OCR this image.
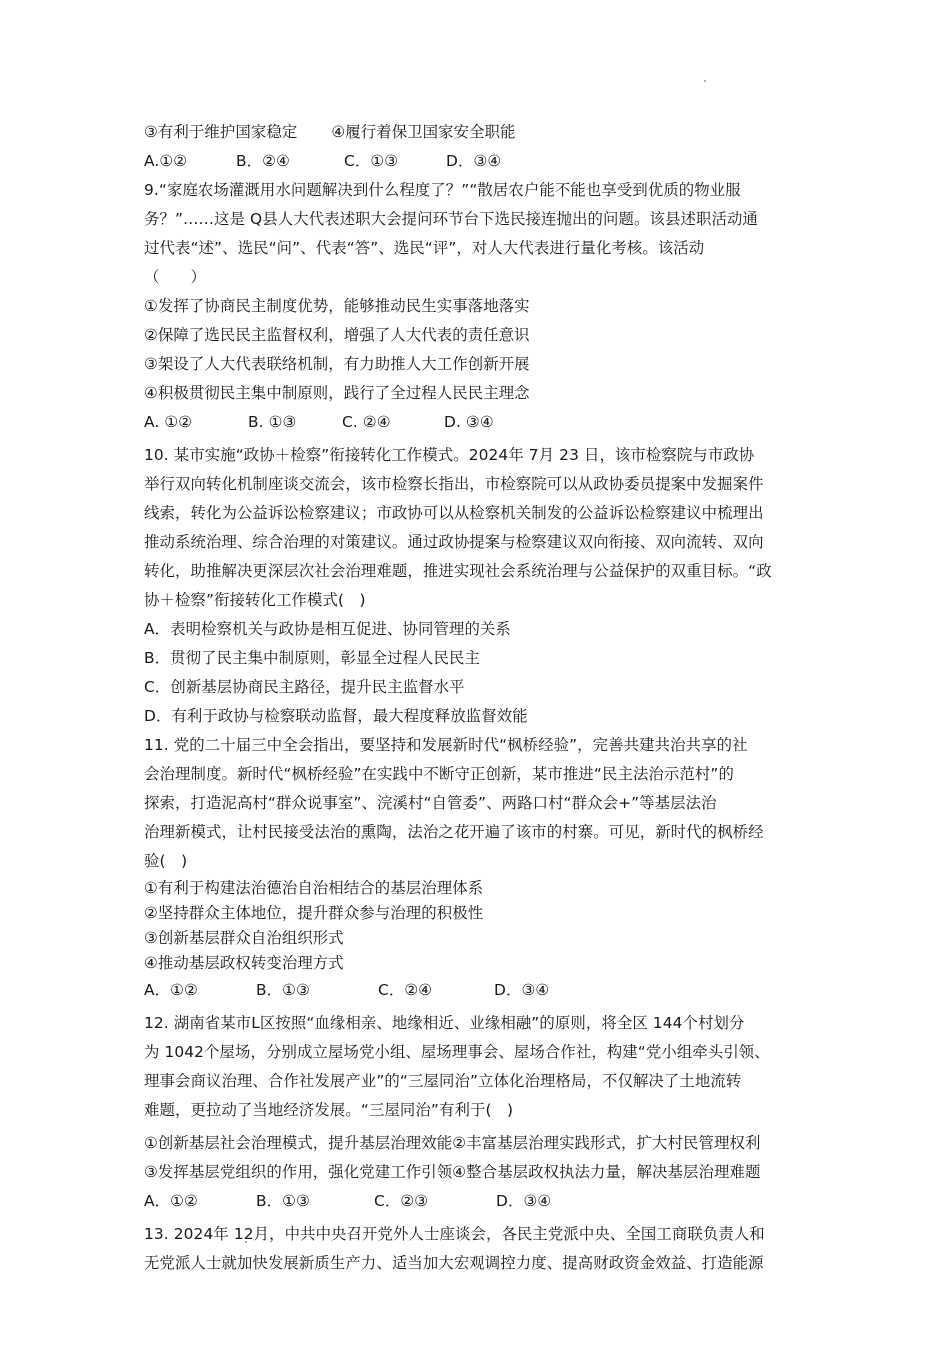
③有利于维护国家稳定 ④履行着保卫国家安全职能
A.①②	B．②④	C．①③	D．③④
9.“家庭农场灌溉用水问题解决到什么程度了？”“散居农户能不能也享受到优质的物业服
务？”……这是 Q县人大代表述职大会提问环节台下选民接连抛出的问题。该县述职活动通
过代表“述”、选民“问”、代表“答”、选民“评”，对人大代表进行量化考核。该活动
（　　）
①发挥了协商民主制度优势，能够推动民生实事落地落实
②保障了选民民主监督权利，增强了人大代表的责任意识
③架设了人大代表联络机制，有力助推人大工作创新开展
④积极贯彻民主集中制原则，践行了全过程人民民主理念
A. ①②	B. ①③	C. ②④	D. ③④
10. 某市实施“政协＋检察”衔接转化工作模式。2024年 7月 23 日，该市检察院与市政协
举行双向转化机制座谈交流会，该市检察长指出，市检察院可以从政协委员提案中发掘案件
线索，转化为公益诉讼检察建议；市政协可以从检察机关制发的公益诉讼检察建议中梳理出
推动系统治理、综合治理的对策建议。通过政协提案与检察建议双向衔接、双向流转、双向
转化，助推解决更深层次社会治理难题，推进实现社会系统治理与公益保护的双重目标。“政
协＋检察”衔接转化工作模式(　)
A．表明检察机关与政协是相互促进、协同管理的关系
B．贯彻了民主集中制原则，彰显全过程人民民主
C．创新基层协商民主路径，提升民主监督水平
D．有利于政协与检察联动监督，最大程度释放监督效能
11. 党的二十届三中全会指出，要坚持和发展新时代“枫桥经验”，完善共建共治共享的社
会治理制度。新时代“枫桥经验”在实践中不断守正创新，某市推进“民主法治示范村”的
探索，打造泥高村“群众说事室”、浣溪村“自管委”、两路口村“群众会+”等基层法治
治理新模式，让村民接受法治的熏陶，法治之花开遍了该市的村寨。可见，新时代的枫桥经
验(　)
①有利于构建法治德治自治相结合的基层治理体系
②坚持群众主体地位，提升群众参与治理的积极性
③创新基层群众自治组织形式
④推动基层政权转变治理方式
A．①②	B．①③	C．②④	D．③④
12. 湖南省某市L区按照“血缘相亲、地缘相近、业缘相融”的原则，将全区 144个村划分
为 1042个屋场，分别成立屋场党小组、屋场理事会、屋场合作社，构建“党小组牵头引领、
理事会商议治理、合作社发展产业”的“三屋同治”立体化治理格局，不仅解决了土地流转
难题，更拉动了当地经济发展。“三屋同治”有利于(　)
①创新基层社会治理模式，提升基层治理效能②丰富基层治理实践形式，扩大村民管理权利
③发挥基层党组织的作用，强化党建工作引领④整合基层政权执法力量，解决基层治理难题
A．①②	B．①③	C．②③	D．③④
13. 2024年 12月，中共中央召开党外人士座谈会，各民主党派中央、全国工商联负责人和
无党派人士就加快发展新质生产力、适当加大宏观调控力度、提高财政资金效益、打造能源
